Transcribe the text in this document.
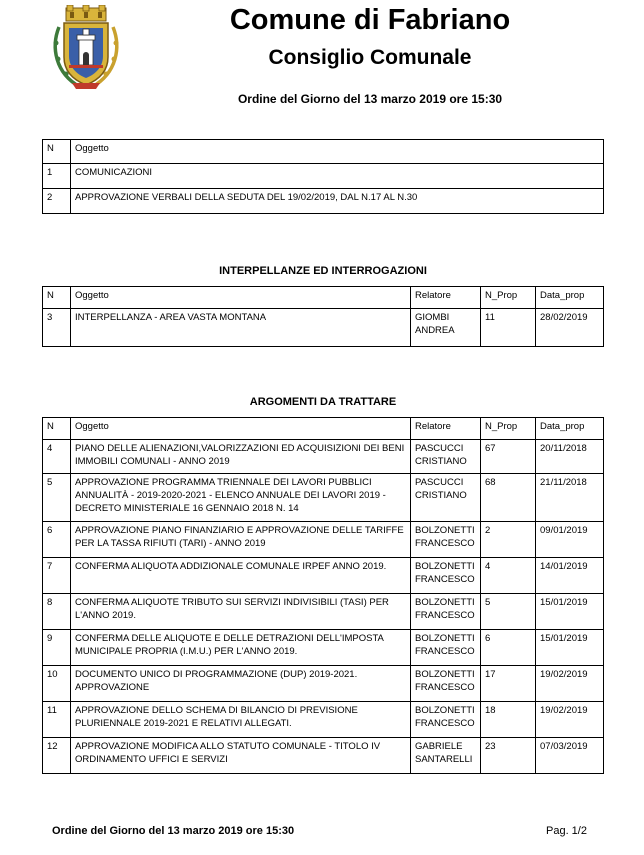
Comune di Fabriano
Consiglio Comunale
Ordine del Giorno del 13 marzo 2019 ore 15:30
N	Oggetto
1	COMUNICAZIONI
2	APPROVAZIONE VERBALI DELLA SEDUTA DEL 19/02/2019, DAL N.17 AL N.30
INTERPELLANZE ED INTERROGAZIONI
N	Oggetto	Relatore	N_Prop	Data_prop
3	INTERPELLANZA - AREA VASTA MONTANA	GIOMBI ANDREA	11	28/02/2019
ARGOMENTI DA TRATTARE
N	Oggetto	Relatore	N_Prop	Data_prop
4	PIANO DELLE ALIENAZIONI,VALORIZZAZIONI ED ACQUISIZIONI DEI BENI IMMOBILI COMUNALI - ANNO 2019	PASCUCCI CRISTIANO	67	20/11/2018
5	APPROVAZIONE PROGRAMMA TRIENNALE DEI LAVORI PUBBLICI ANNUALITÀ - 2019-2020-2021 - ELENCO ANNUALE DEI LAVORI 2019 - DECRETO MINISTERIALE 16 GENNAIO 2018 N. 14	PASCUCCI CRISTIANO	68	21/11/2018
6	APPROVAZIONE PIANO FINANZIARIO E APPROVAZIONE DELLE TARIFFE PER LA TASSA RIFIUTI (TARI) - ANNO 2019	BOLZONETTI FRANCESCO	2	09/01/2019
7	CONFERMA ALIQUOTA ADDIZIONALE COMUNALE IRPEF ANNO 2019.	BOLZONETTI FRANCESCO	4	14/01/2019
8	CONFERMA ALIQUOTE TRIBUTO SUI SERVIZI INDIVISIBILI (TASI) PER L'ANNO 2019.	BOLZONETTI FRANCESCO	5	15/01/2019
9	CONFERMA DELLE ALIQUOTE E DELLE DETRAZIONI DELL'IMPOSTA MUNICIPALE PROPRIA (I.M.U.) PER L'ANNO 2019.	BOLZONETTI FRANCESCO	6	15/01/2019
10	DOCUMENTO UNICO DI PROGRAMMAZIONE (DUP) 2019-2021. APPROVAZIONE	BOLZONETTI FRANCESCO	17	19/02/2019
11	APPROVAZIONE DELLO SCHEMA DI BILANCIO DI PREVISIONE PLURIENNALE 2019-2021 E RELATIVI ALLEGATI.	BOLZONETTI FRANCESCO	18	19/02/2019
12	APPROVAZIONE MODIFICA ALLO STATUTO COMUNALE - TITOLO IV ORDINAMENTO UFFICI E SERVIZI	GABRIELE SANTARELLI	23	07/03/2019
Ordine del Giorno del 13 marzo 2019 ore 15:30	Pag. 1/2
